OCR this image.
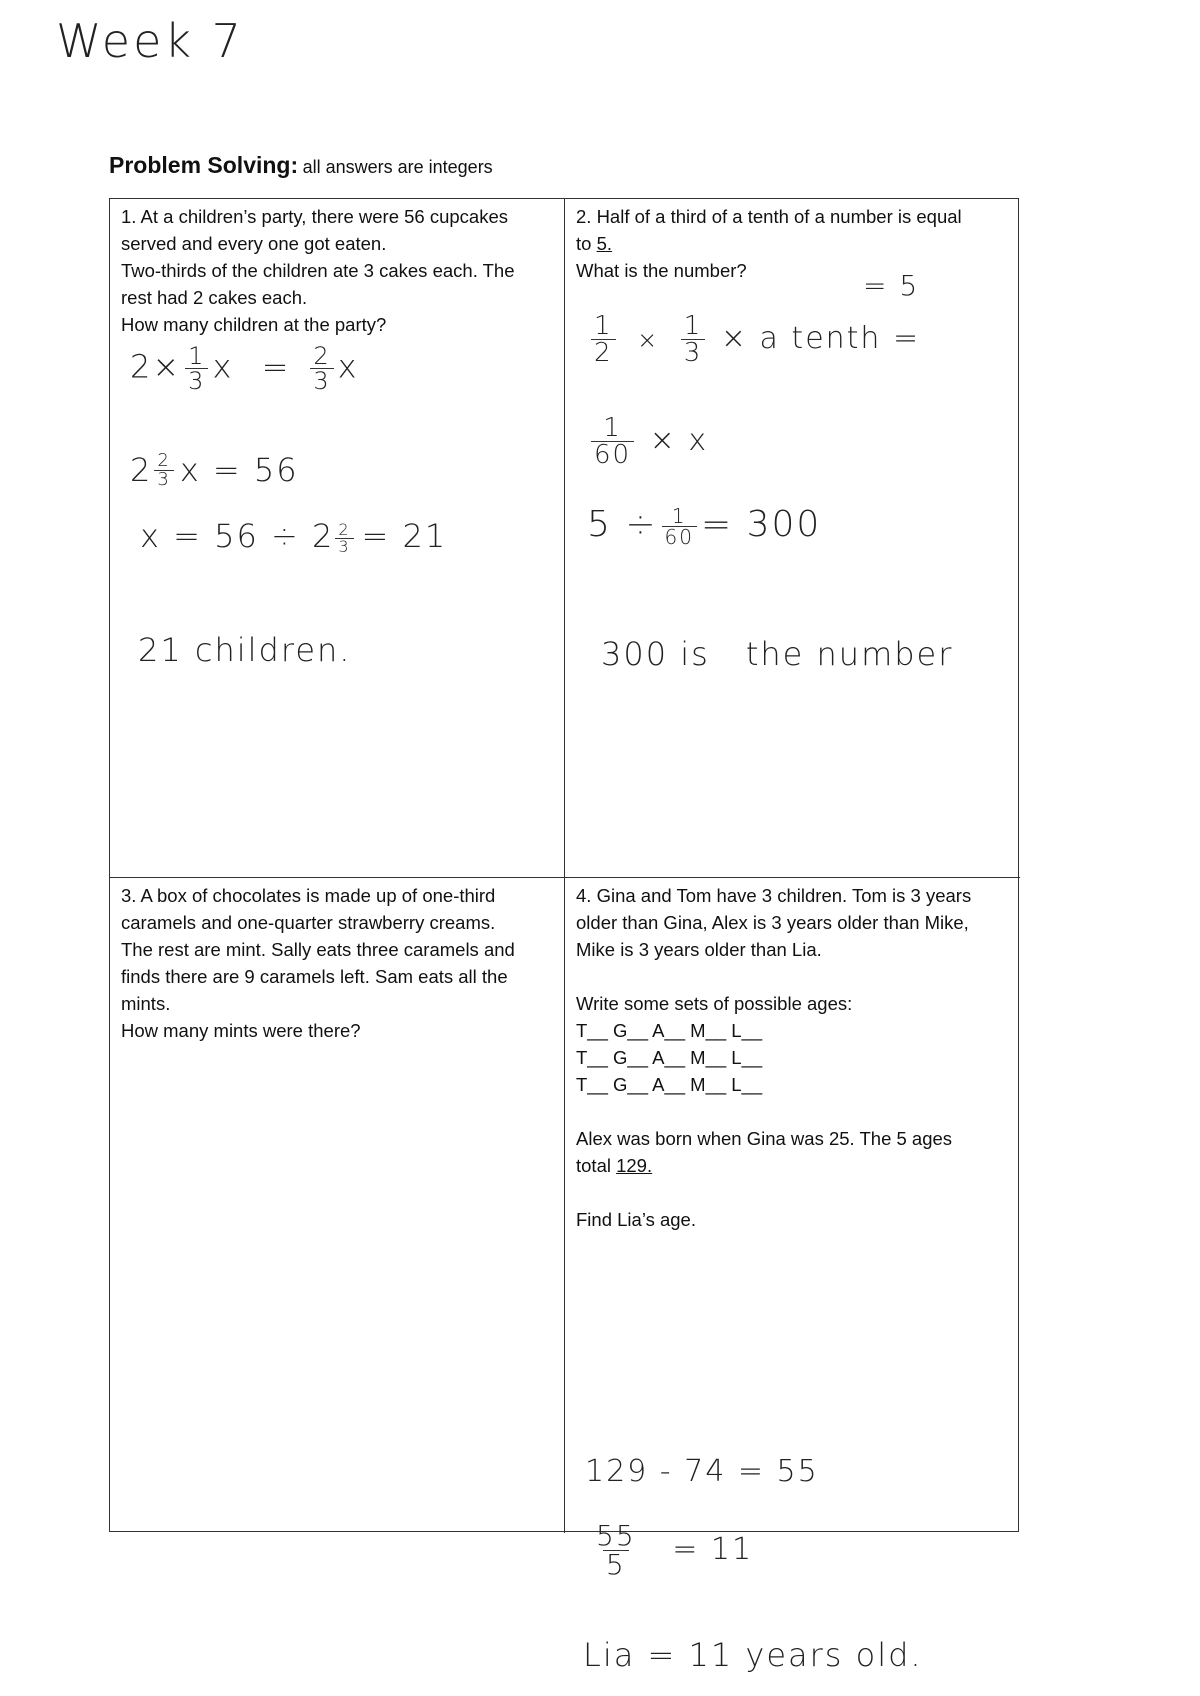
Week 7
Problem Solving: all answers are integers
1. At a children’s party, there were 56 cupcakes
served and every one got eaten.
Two-thirds of the children ate 3 cakes each. The
rest had 2 cakes each.
How many children at the party?
$2\times \frac{1}{3}$ $x = \frac{2}{3}$ x
$2 \frac{2}{3}$ x = 56
$x = 56 \div 2 \frac{2}{3} = 21$
21 children.
2. Half of a third of a tenth of a number is equal
to 5.
What is the number?	= 5
$\frac{1}{2} \times \frac{1}{3} \times a$ tenth =
$\frac{1}{60} \times x$
$5 \div \frac{1}{60} = 300$
300 is the number
3. A box of chocolates is made up of one-third
caramels and one-quarter strawberry creams.
The rest are mint. Sally eats three caramels and
finds there are 9 caramels left. Sam eats all the
mints.
How many mints were there?
4. Gina and Tom have 3 children. Tom is 3 years
older than Gina, Alex is 3 years older than Mike,
Mike is 3 years older than Lia.
Write some sets of possible ages:
T__ G__ A__ M__ L__
T__ G__ A__ M__ L__
T__ G__ A__ M__ L__
Alex was born when Gina was 25. The 5 ages
total 129.
Find Lia’s age.
129 - 74 = 55
$\frac{55}{5} = 11$
Lia = 11 years old.
